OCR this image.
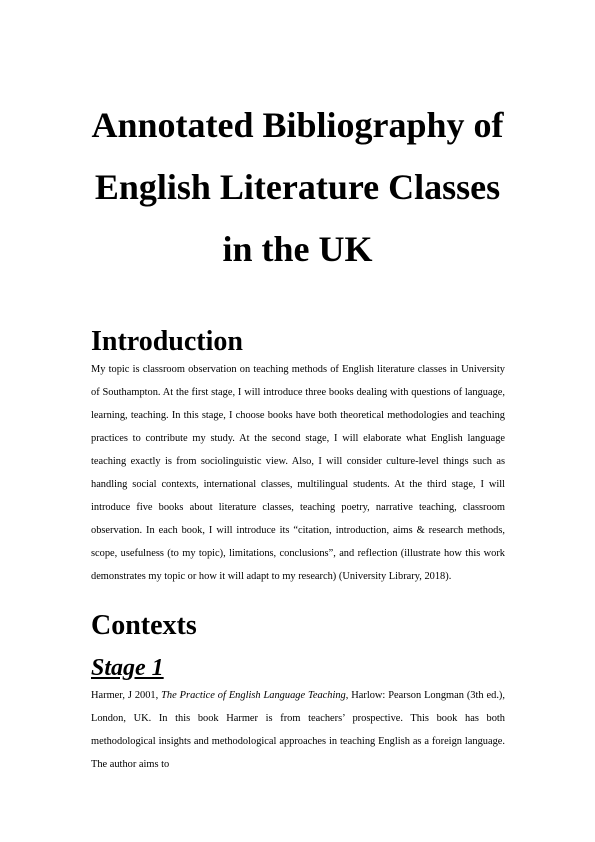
Annotated Bibliography of
English Literature Classes
in the UK
Introduction

My topic is classroom observation on teaching methods of English literature classes in University of Southampton. At the first stage, I will introduce three books dealing with questions of language, learning, teaching. In this stage, I choose books have both theoretical methodologies and teaching practices to contribute my study. At the second stage, I will elaborate what English language teaching exactly is from sociolinguistic view. Also, I will consider culture-level things such as handling social contexts, international classes, multilingual students. At the third stage, I will introduce five books about literature classes, teaching poetry, narrative teaching, classroom observation. In each book, I will introduce its “citation, introduction, aims & research methods, scope, usefulness (to my topic), limitations, conclusions”, and reflection (illustrate how this work demonstrates my topic or how it will adapt to my research) (University Library, 2018).

Contexts
Stage 1

Harmer, J 2001, The Practice of English Language Teaching, Harlow: Pearson Longman (3th ed.), London, UK. In this book Harmer is from teachers’ prospective. This book has both methodological insights and methodological approaches in teaching English as a foreign language. The author aims to
